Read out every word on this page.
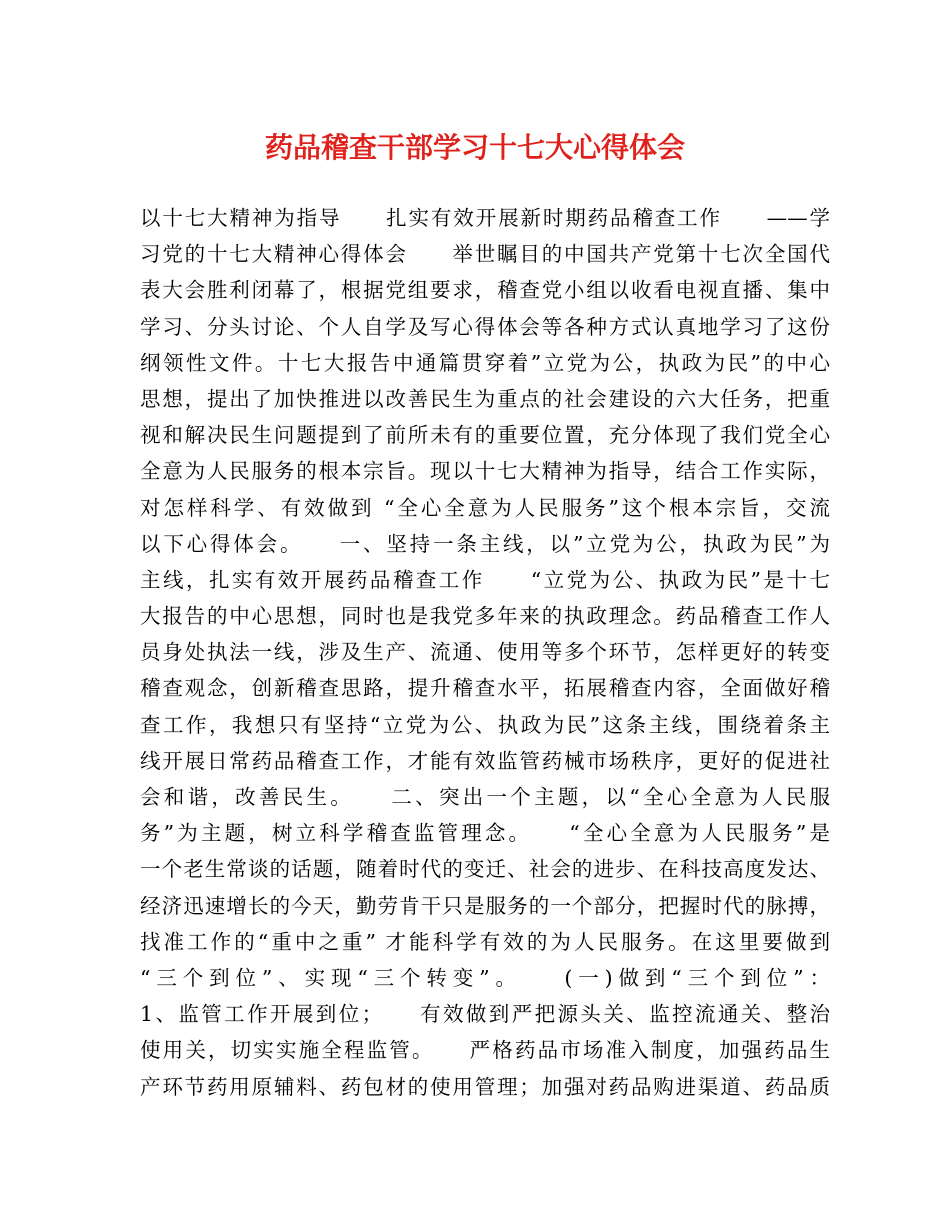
药品稽查干部学习十七大心得体会
以十七大精神为指导　　扎实有效开展新时期药品稽查工作　　——学
习党的十七大精神心得体会　　举世瞩目的中国共产党第十七次全国代
表大会胜利闭幕了，根据党组要求，稽查党小组以收看电视直播、集中
学习、分头讨论、个人自学及写心得体会等各种方式认真地学习了这份
纲领性文件。十七大报告中通篇贯穿着”立党为公，执政为民”的中心
思想，提出了加快推进以改善民生为重点的社会建设的六大任务，把重
视和解决民生问题提到了前所未有的重要位置，充分体现了我们党全心
全意为人民服务的根本宗旨。现以十七大精神为指导，结合工作实际，
对怎样科学、有效做到 “全心全意为人民服务”这个根本宗旨，交流
以下心得体会。　　一、坚持一条主线，以”立党为公，执政为民”为
主线，扎实有效开展药品稽查工作　　“立党为公、执政为民”是十七
大报告的中心思想，同时也是我党多年来的执政理念。药品稽查工作人
员身处执法一线，涉及生产、流通、使用等多个环节，怎样更好的转变
稽查观念，创新稽查思路，提升稽查水平，拓展稽查内容，全面做好稽
查工作，我想只有坚持“立党为公、执政为民”这条主线，围绕着条主
线开展日常药品稽查工作，才能有效监管药械市场秩序，更好的促进社
会和谐，改善民生。　　二、突出一个主题，以“全心全意为人民服
务”为主题，树立科学稽查监管理念。　　“全心全意为人民服务”是
一个老生常谈的话题，随着时代的变迁、社会的进步、在科技高度发达、
经济迅速增长的今天，勤劳肯干只是服务的一个部分，把握时代的脉搏，
找准工作的“重中之重” 才能科学有效的为人民服务。在这里要做到
“三个到位”、实现“三个转变”。　　(一)做到“三个到位”：
1、监管工作开展到位；　　有效做到严把源头关、监控流通关、整治
使用关，切实实施全程监管。　　严格药品市场准入制度，加强药品生
产环节药用原辅料、药包材的使用管理；加强对药品购进渠道、药品质
